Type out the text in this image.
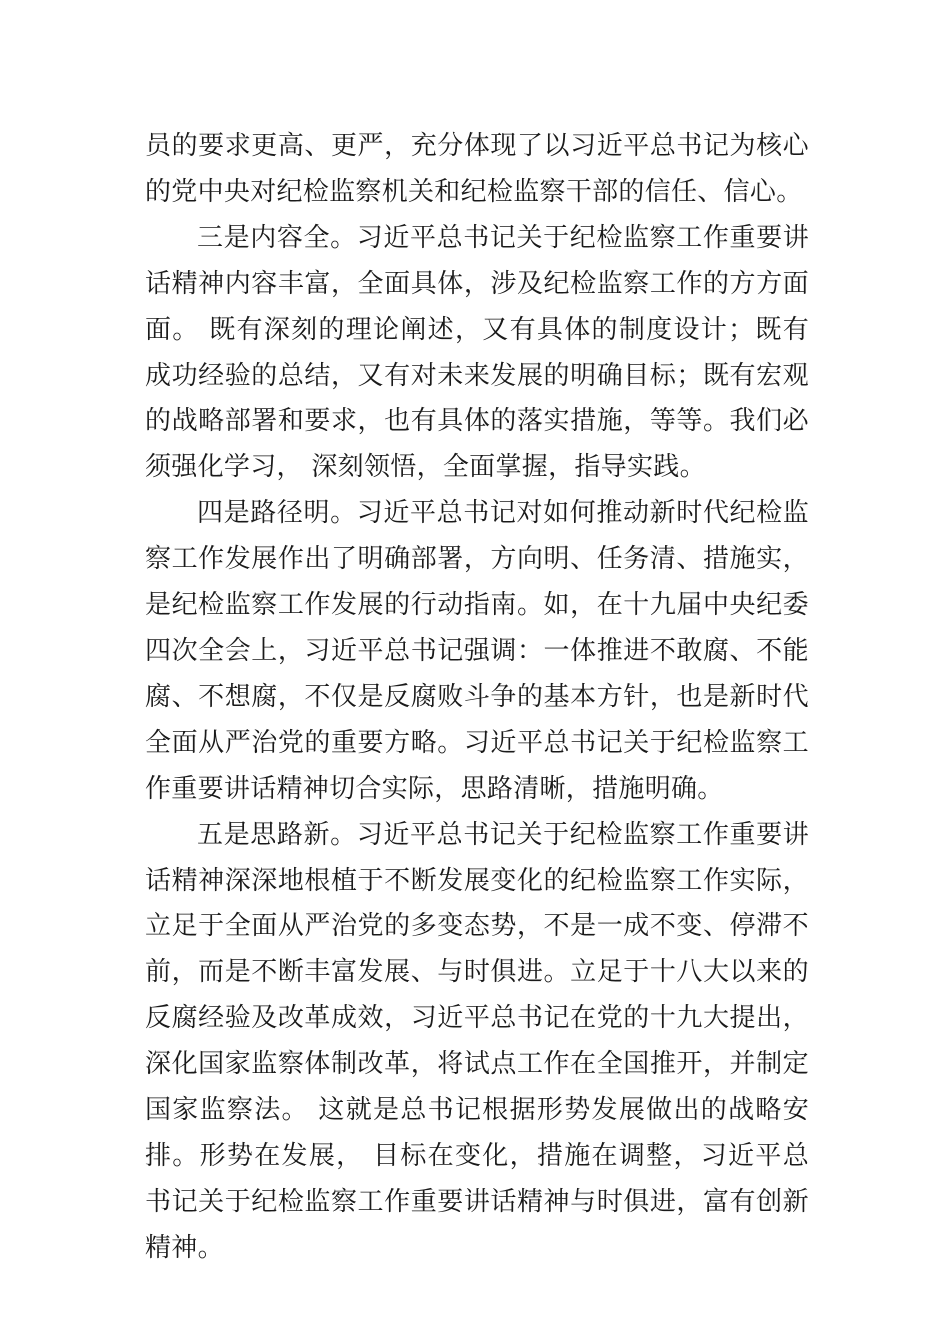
员的要求更高、更严，充分体现了以习近平总书记为核心的党中央对纪检监察机关和纪检监察干部的信任、信心。

三是内容全。习近平总书记关于纪检监察工作重要讲话精神内容丰富，全面具体，涉及纪检监察工作的方方面面。 既有深刻的理论阐述，又有具体的制度设计；既有成功经验的总结，又有对未来发展的明确目标；既有宏观的战略部署和要求，也有具体的落实措施，等等。我们必须强化学习， 深刻领悟，全面掌握，指导实践。

四是路径明。习近平总书记对如何推动新时代纪检监察工作发展作出了明确部署，方向明、任务清、措施实，是纪检监察工作发展的行动指南。如，在十九届中央纪委四次全会上，习近平总书记强调：一体推进不敢腐、不能腐、不想腐，不仅是反腐败斗争的基本方针，也是新时代全面从严治党的重要方略。习近平总书记关于纪检监察工作重要讲话精神切合实际，思路清晰，措施明确。

五是思路新。习近平总书记关于纪检监察工作重要讲话精神深深地根植于不断发展变化的纪检监察工作实际，立足于全面从严治党的多变态势，不是一成不变、停滞不前，而是不断丰富发展、与时俱进。立足于十八大以来的反腐经验及改革成效，习近平总书记在党的十九大提出，深化国家监察体制改革，将试点工作在全国推开，并制定国家监察法。 这就是总书记根据形势发展做出的战略安排。形势在发展， 目标在变化，措施在调整，习近平总书记关于纪检监察工作重要讲话精神与时俱进，富有创新精神。
